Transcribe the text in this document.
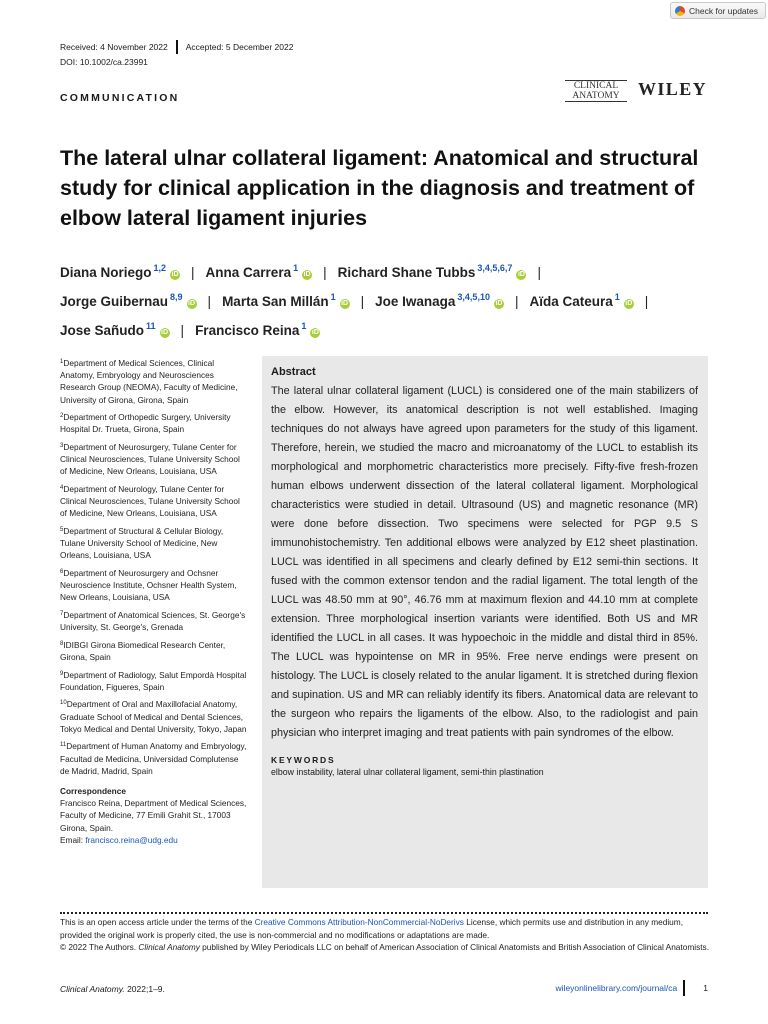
Check for updates
Received: 4 November 2022 Accepted: 5 December 2022
DOI: 10.1002/ca.23991
COMMUNICATION
CLINICAL
ANATOMY	WILEY
The lateral ulnar collateral ligament: Anatomical and structural study for clinical application in the diagnosis and treatment of elbow lateral ligament injuries
Diana Noriego $^{1,2}$iD | Anna Carrera $^1$iD | Richard Shane Tubbs $^{3,4,5,6,7}$iD |
Jorge Guibernau $^{8,9}$iD | Marta San Millán $^1$iD | Joe Iwanaga $^{3,4,5,10}$iD | Aïda Cateura $^1$iD |
Jose Sañudo $^{11}$iD | Francisco Reina $^1$iD
$^1$Department of Medical Sciences, Clinical Anatomy, Embryology and Neurosciences Research Group (NEOMA), Faculty of Medicine, University of Girona, Girona, Spain
$^2$Department of Orthopedic Surgery, University Hospital Dr. Trueta, Girona, Spain
$^3$Department of Neurosurgery, Tulane Center for Clinical Neurosciences, Tulane University School of Medicine, New Orleans, Louisiana, USA
$^4$Department of Neurology, Tulane Center for Clinical Neurosciences, Tulane University School of Medicine, New Orleans, Louisiana, USA
$^5$Department of Structural & Cellular Biology, Tulane University School of Medicine, New Orleans, Louisiana, USA
$^6$Department of Neurosurgery and Ochsner Neuroscience Institute, Ochsner Health System, New Orleans, Louisiana, USA
$^7$Department of Anatomical Sciences, St. George's University, St. George's, Grenada
$^8$IDIBGI Girona Biomedical Research Center, Girona, Spain
$^9$Department of Radiology, Salut Empordà Hospital Foundation, Figueres, Spain
$^{10}$Department of Oral and Maxillofacial Anatomy, Graduate School of Medical and Dental Sciences, Tokyo Medical and Dental University, Tokyo, Japan
$^{11}$Department of Human Anatomy and Embryology, Facultad de Medicina, Universidad Complutense de Madrid, Madrid, Spain
Correspondence
Francisco Reina, Department of Medical Sciences, Faculty of Medicine, 77 Emili Grahit St., 17003 Girona, Spain.
Email: francisco.reina@udg.edu
Abstract

The lateral ulnar collateral ligament (LUCL) is considered one of the main stabilizers of the elbow. However, its anatomical description is not well established. Imaging techniques do not always have agreed upon parameters for the study of this ligament. Therefore, herein, we studied the macro and microanatomy of the LUCL to establish its morphological and morphometric characteristics more precisely. Fifty-five fresh-frozen human elbows underwent dissection of the lateral collateral ligament. Morphological characteristics were studied in detail. Ultrasound (US) and magnetic resonance (MR) were done before dissection. Two specimens were selected for PGP 9.5 S immunohistochemistry. Ten additional elbows were analyzed by E12 sheet plastination. LUCL was identified in all specimens and clearly defined by E12 semi-thin sections. It fused with the common extensor tendon and the radial ligament. The total length of the LUCL was 48.50 mm at 90°, 46.76 mm at maximum flexion and 44.10 mm at complete extension. Three morphological insertion variants were identified. Both US and MR identified the LUCL in all cases. It was hypoechoic in the middle and distal third in 85%. The LUCL was hypointense on MR in 95%. Free nerve endings were present on histology. The LUCL is closely related to the anular ligament. It is stretched during flexion and supination. US and MR can reliably identify its fibers. Anatomical data are relevant to the surgeon who repairs the ligaments of the elbow. Also, to the radiologist and pain physician who interpret imaging and treat patients with pain syndromes of the elbow.

KEYWORDS
elbow instability, lateral ulnar collateral ligament, semi-thin plastination
This is an open access article under the terms of the Creative Commons Attribution-NonCommercial-NoDerivs License, which permits use and distribution in any medium, provided the original work is properly cited, the use is non-commercial and no modifications or adaptations are made.
© 2022 The Authors. Clinical Anatomy published by Wiley Periodicals LLC on behalf of American Association of Clinical Anatomists and British Association of Clinical Anatomists.
Clinical Anatomy. 2022;1–9.	wileyonlinelibrary.com/journal/ca	1
